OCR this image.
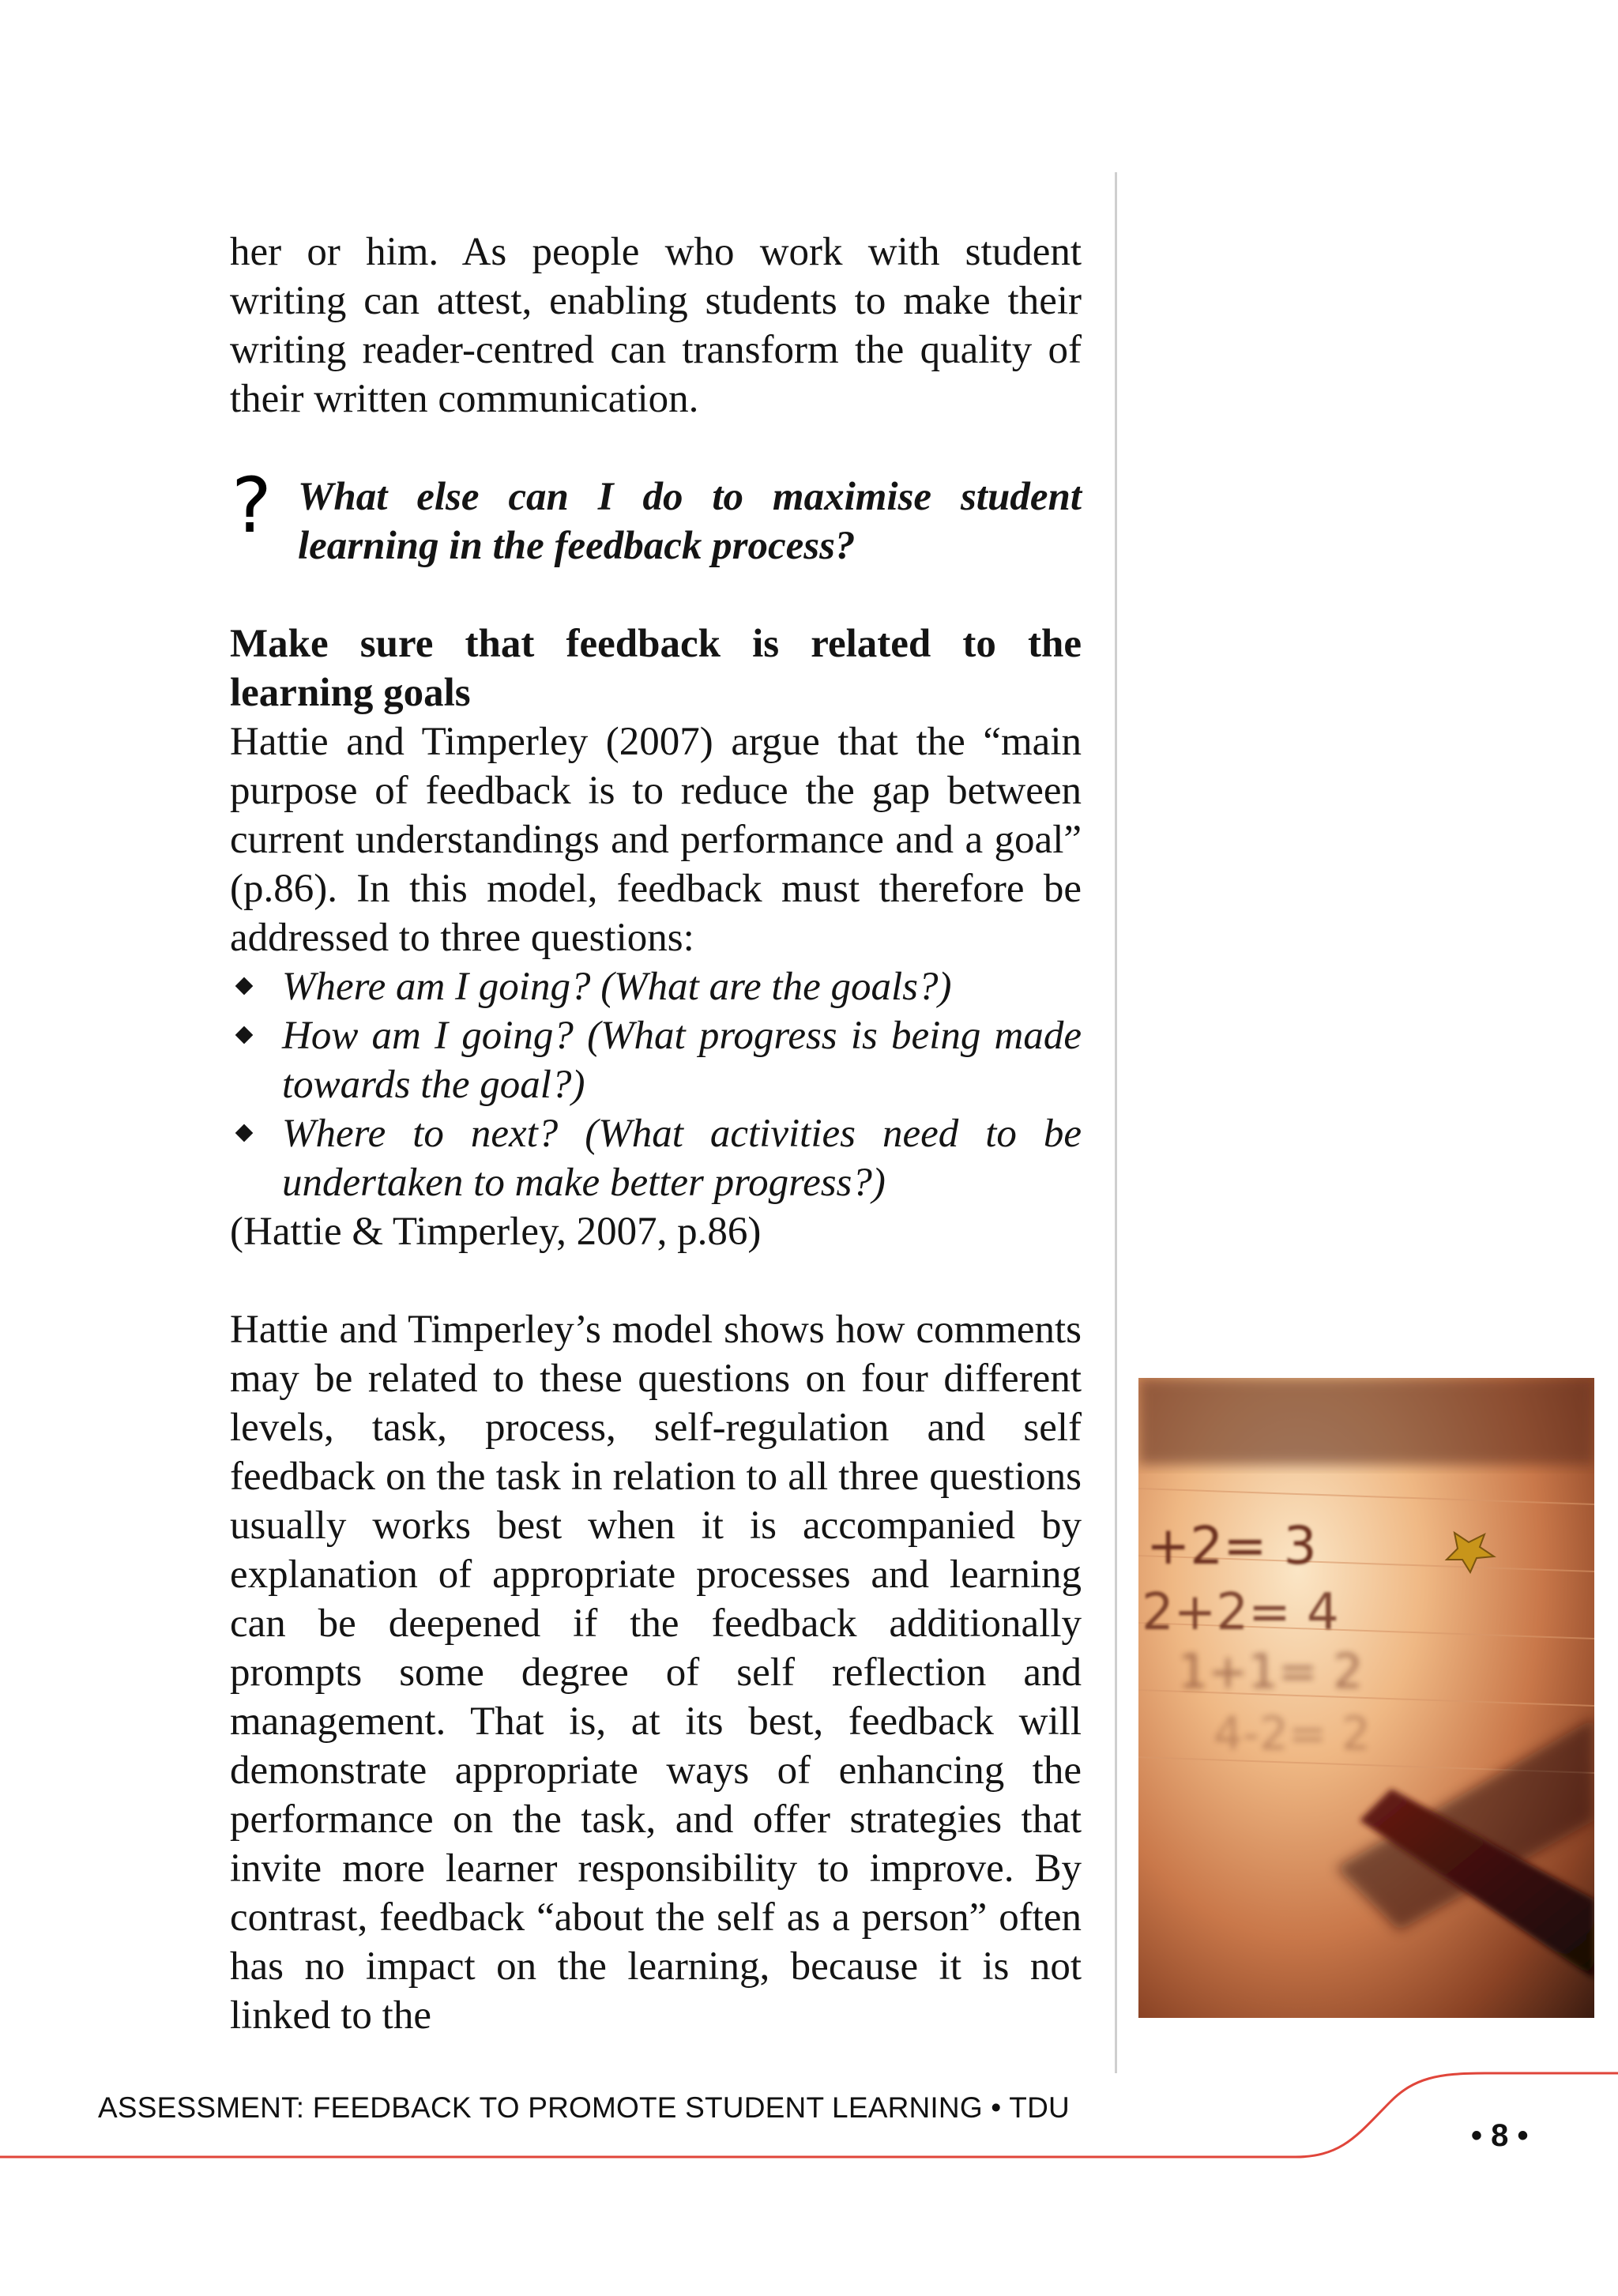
her or him. As people who work with student writing can attest, enabling students to make their writing reader-centred can transform the quality of their written communication.

? What else can I do to maximise student learning in the feedback process?

Make sure that feedback is related to the learning goals

Hattie and Timperley (2007) argue that the “main purpose of feedback is to reduce the gap between current understandings and performance and a goal” (p.86). In this model, feedback must therefore be addressed to three questions:

Where am I going? (What are the goals?)
How am I going? (What progress is being made towards the goal?)
Where to next? (What activities need to be undertaken to make better progress?)

(Hattie & Timperley, 2007, p.86)

Hattie and Timperley’s model shows how comments may be related to these questions on four different levels, task, process, self-regulation and self feedback on the task in relation to all three questions usually works best when it is accompanied by explanation of appropriate processes and learning can be deepened if the feedback additionally prompts some degree of self reflection and management. That is, at its best, feedback will demonstrate appropriate ways of enhancing the performance on the task, and offer strategies that invite more learner responsibility to improve. By contrast, feedback “about the self as a person” often has no impact on the learning, because it is not linked to the

+2= 3
2+2= 4
1+1= 2
4-2= 2
ASSESSMENT: FEEDBACK TO PROMOTE STUDENT LEARNING • TDU
• 8 •
